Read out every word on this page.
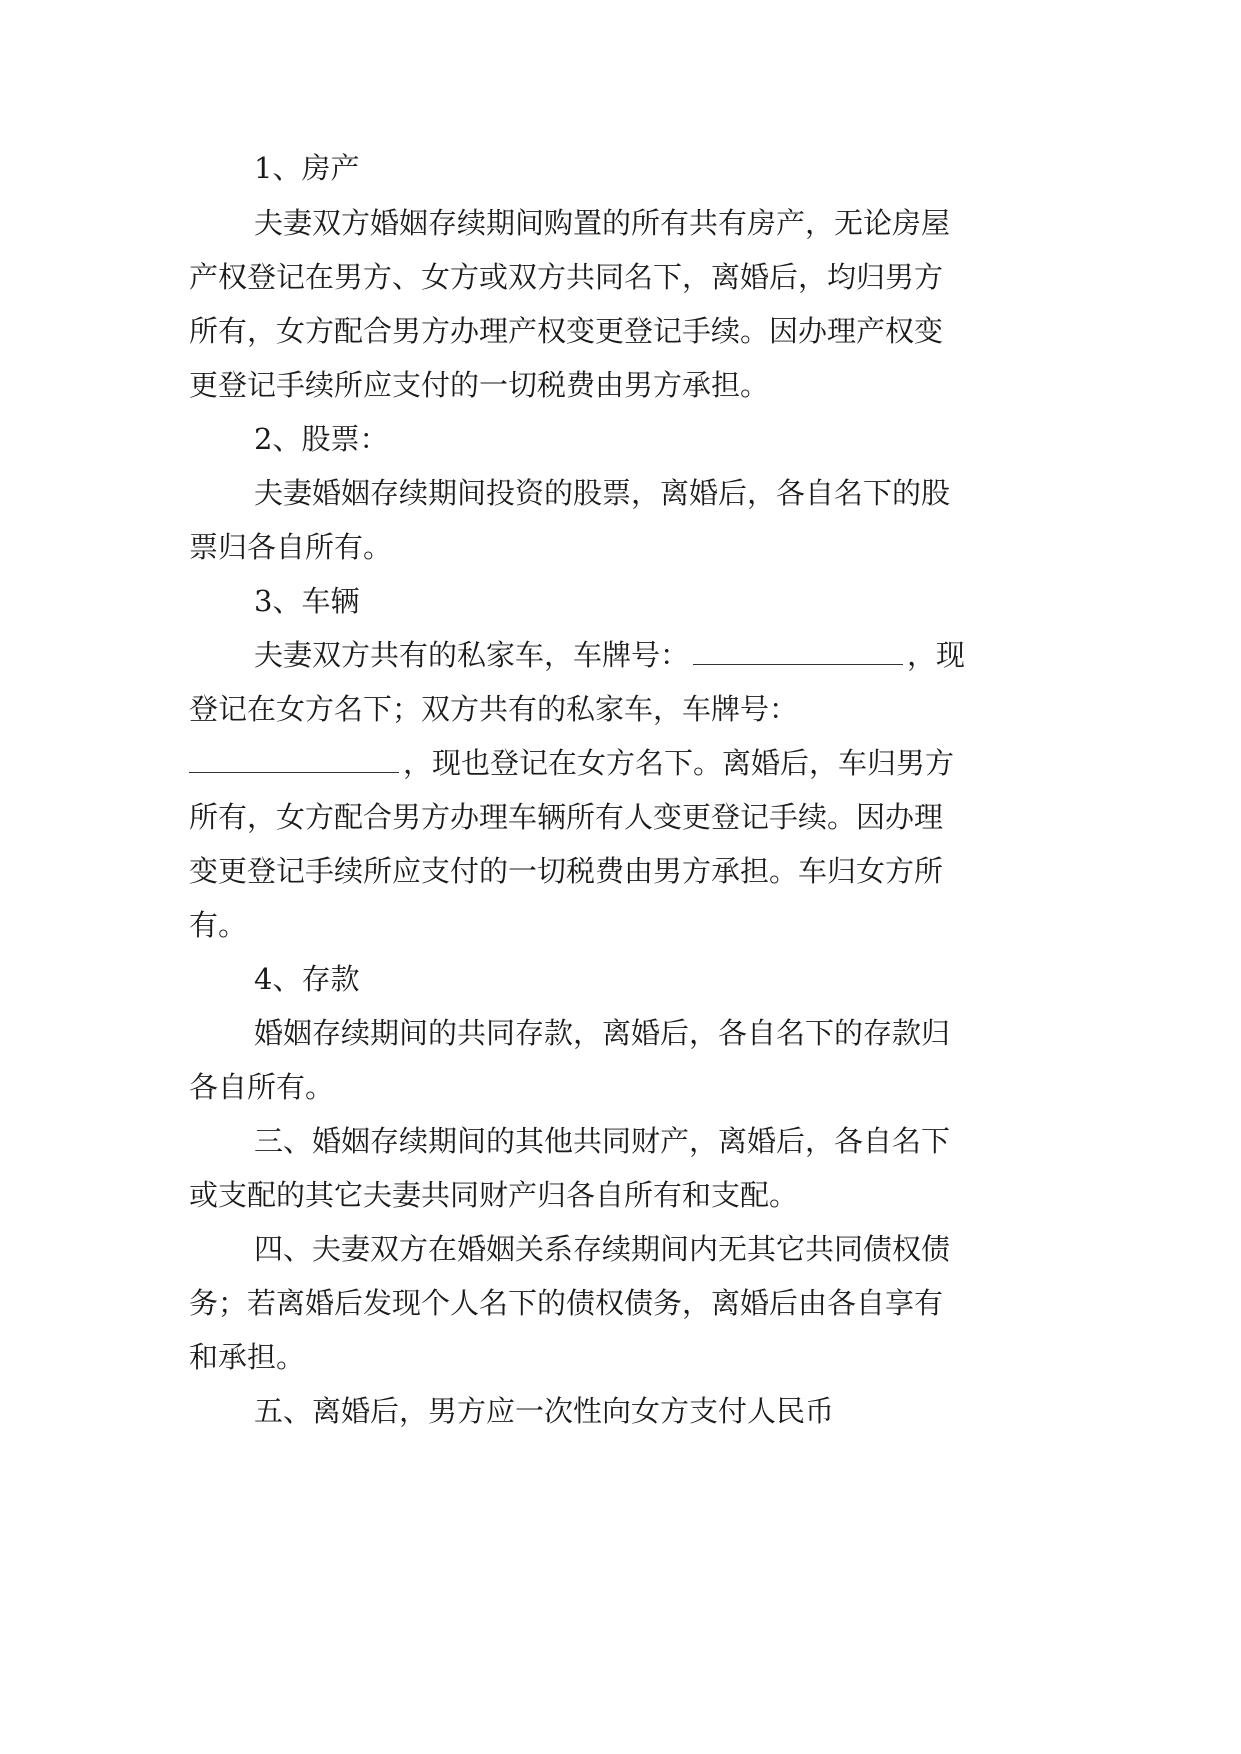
1、房产
夫妻双方婚姻存续期间购置的所有共有房产，无论房屋
产权登记在男方、女方或双方共同名下，离婚后，均归男方
所有，女方配合男方办理产权变更登记手续。因办理产权变
更登记手续所应支付的一切税费由男方承担。
2、股票：
夫妻婚姻存续期间投资的股票，离婚后，各自名下的股
票归各自所有。
3、车辆
夫妻双方共有的私家车，车牌号：	，现
登记在女方名下；双方共有的私家车，车牌号：
，现也登记在女方名下。离婚后，车归男方
所有，女方配合男方办理车辆所有人变更登记手续。因办理
变更登记手续所应支付的一切税费由男方承担。车归女方所
有。
4、存款
婚姻存续期间的共同存款，离婚后，各自名下的存款归
各自所有。
三、婚姻存续期间的其他共同财产，离婚后，各自名下
或支配的其它夫妻共同财产归各自所有和支配。
四、夫妻双方在婚姻关系存续期间内无其它共同债权债
务；若离婚后发现个人名下的债权债务，离婚后由各自享有
和承担。
五、离婚后，男方应一次性向女方支付人民币
